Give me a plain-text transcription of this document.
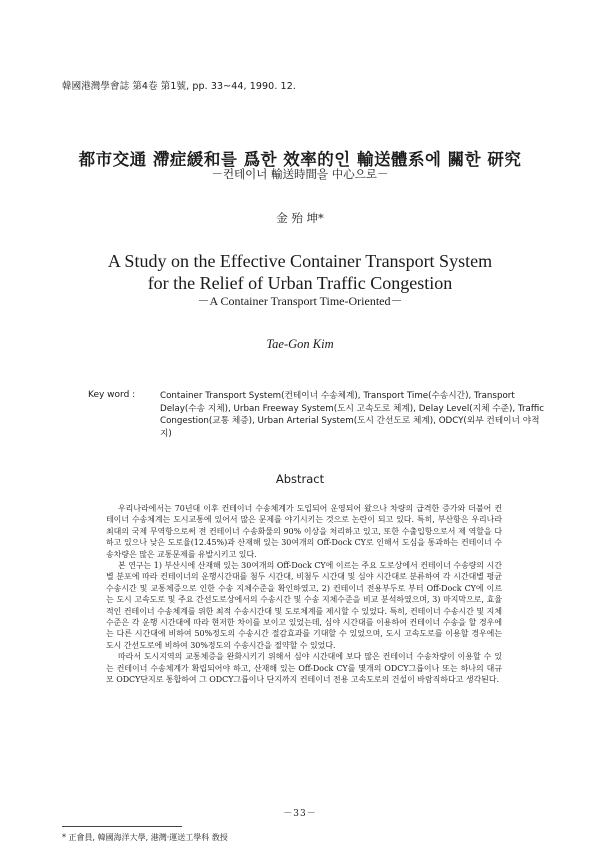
韓國港灣學會誌 第4卷 第1號, pp. 33~44, 1990. 12.
都市交通 滯症緩和를 爲한 效率的인 輸送體系에 關한 研究
－컨테이너 輸送時間을 中心으로－
金 殆 坤*
A Study on the Effective Container Transport System
for the Relief of Urban Traffic Congestion
－A Container Transport Time-Oriented－
Tae-Gon Kim
Key word :	Container Transport System(컨테이너 수송체계), Transport Time(수송시간), Transport Delay(수송 지체), Urban Freeway System(도시 고속도로 체계), Delay Level(지체 수준), Traffic Congestion(교통 체증), Urban Arterial System(도시 간선도로 체계), ODCY(외부 컨테이너 야적지)
Abstract

우리나라에서는 70년대 이후 컨테이너 수송체계가 도입되어 운영되어 왔으나 차량의 급격한 증가와 더불어 컨테이너 수송체계는 도시교통에 있어서 많은 문제를 야기시키는 것으로 논란이 되고 있다. 특히, 부산항은 우리나라 최대의 국제 무역항으로써 전 컨테이너 수송화물의 90% 이상을 처리하고 있고, 또한 수출입항으로서 제 역할을 다하고 있으나 낮은 도로율(12.45%)과 산재해 있는 30여개의 Off-Dock CY로 인해서 도심을 통과하는 컨테이너 수송차량은 많은 교통문제를 유발시키고 있다.

본 연구는 1) 부산시에 산재해 있는 30여개의 Off-Dock CY에 이르는 주요 도로상에서 컨테이너 수송량의 시간별 분포에 따라 컨테이너의 운행시간대를 첨두 시간대, 비첨두 시간대 및 심야 시간대로 분류하여 각 시간대별 평균 수송시간 및 교통체증으로 인한 수송 지체수준을 확인하였고, 2) 컨테이너 전용부두로 부터 Off-Dock CY에 이르는 도시 고속도로 및 주요 간선도로상에서의 수송시간 및 수송 지체수준을 비교 분석하였으며, 3) 마지막으로, 효율적인 컨테이너 수송체계를 위한 최적 수송시간대 및 도로체계를 제시할 수 있었다. 특히, 컨테이너 수송시간 및 지체수준은 각 운행 시간대에 따라 현저한 차이를 보이고 있었는데, 심야 시간대를 이용하여 컨테이너 수송을 할 경우에는 다른 시간대에 비하여 50%정도의 수송시간 절감효과를 기대할 수 있었으며, 도시 고속도로를 이용할 경우에는 도시 간선도로에 비하여 30%정도의 수송시간을 절약할 수 있었다.

따라서 도시지역의 교통체증을 완화시키기 위해서 심야 시간대에 보다 많은 컨테이너 수송차량이 이용할 수 있는 컨테이너 수송체계가 확립되어야 하고, 산재해 있는 Off-Dock CY를 몇개의 ODCY그룹이나 또는 하나의 대규모 ODCY단지로 통합하여 그 ODCY그룹이나 단지까지 컨테이너 전용 고속도로의 건설이 바람직하다고 생각된다.

* 正會員, 韓國海洋大學, 港灣·運送工學科 敎授
－33－
